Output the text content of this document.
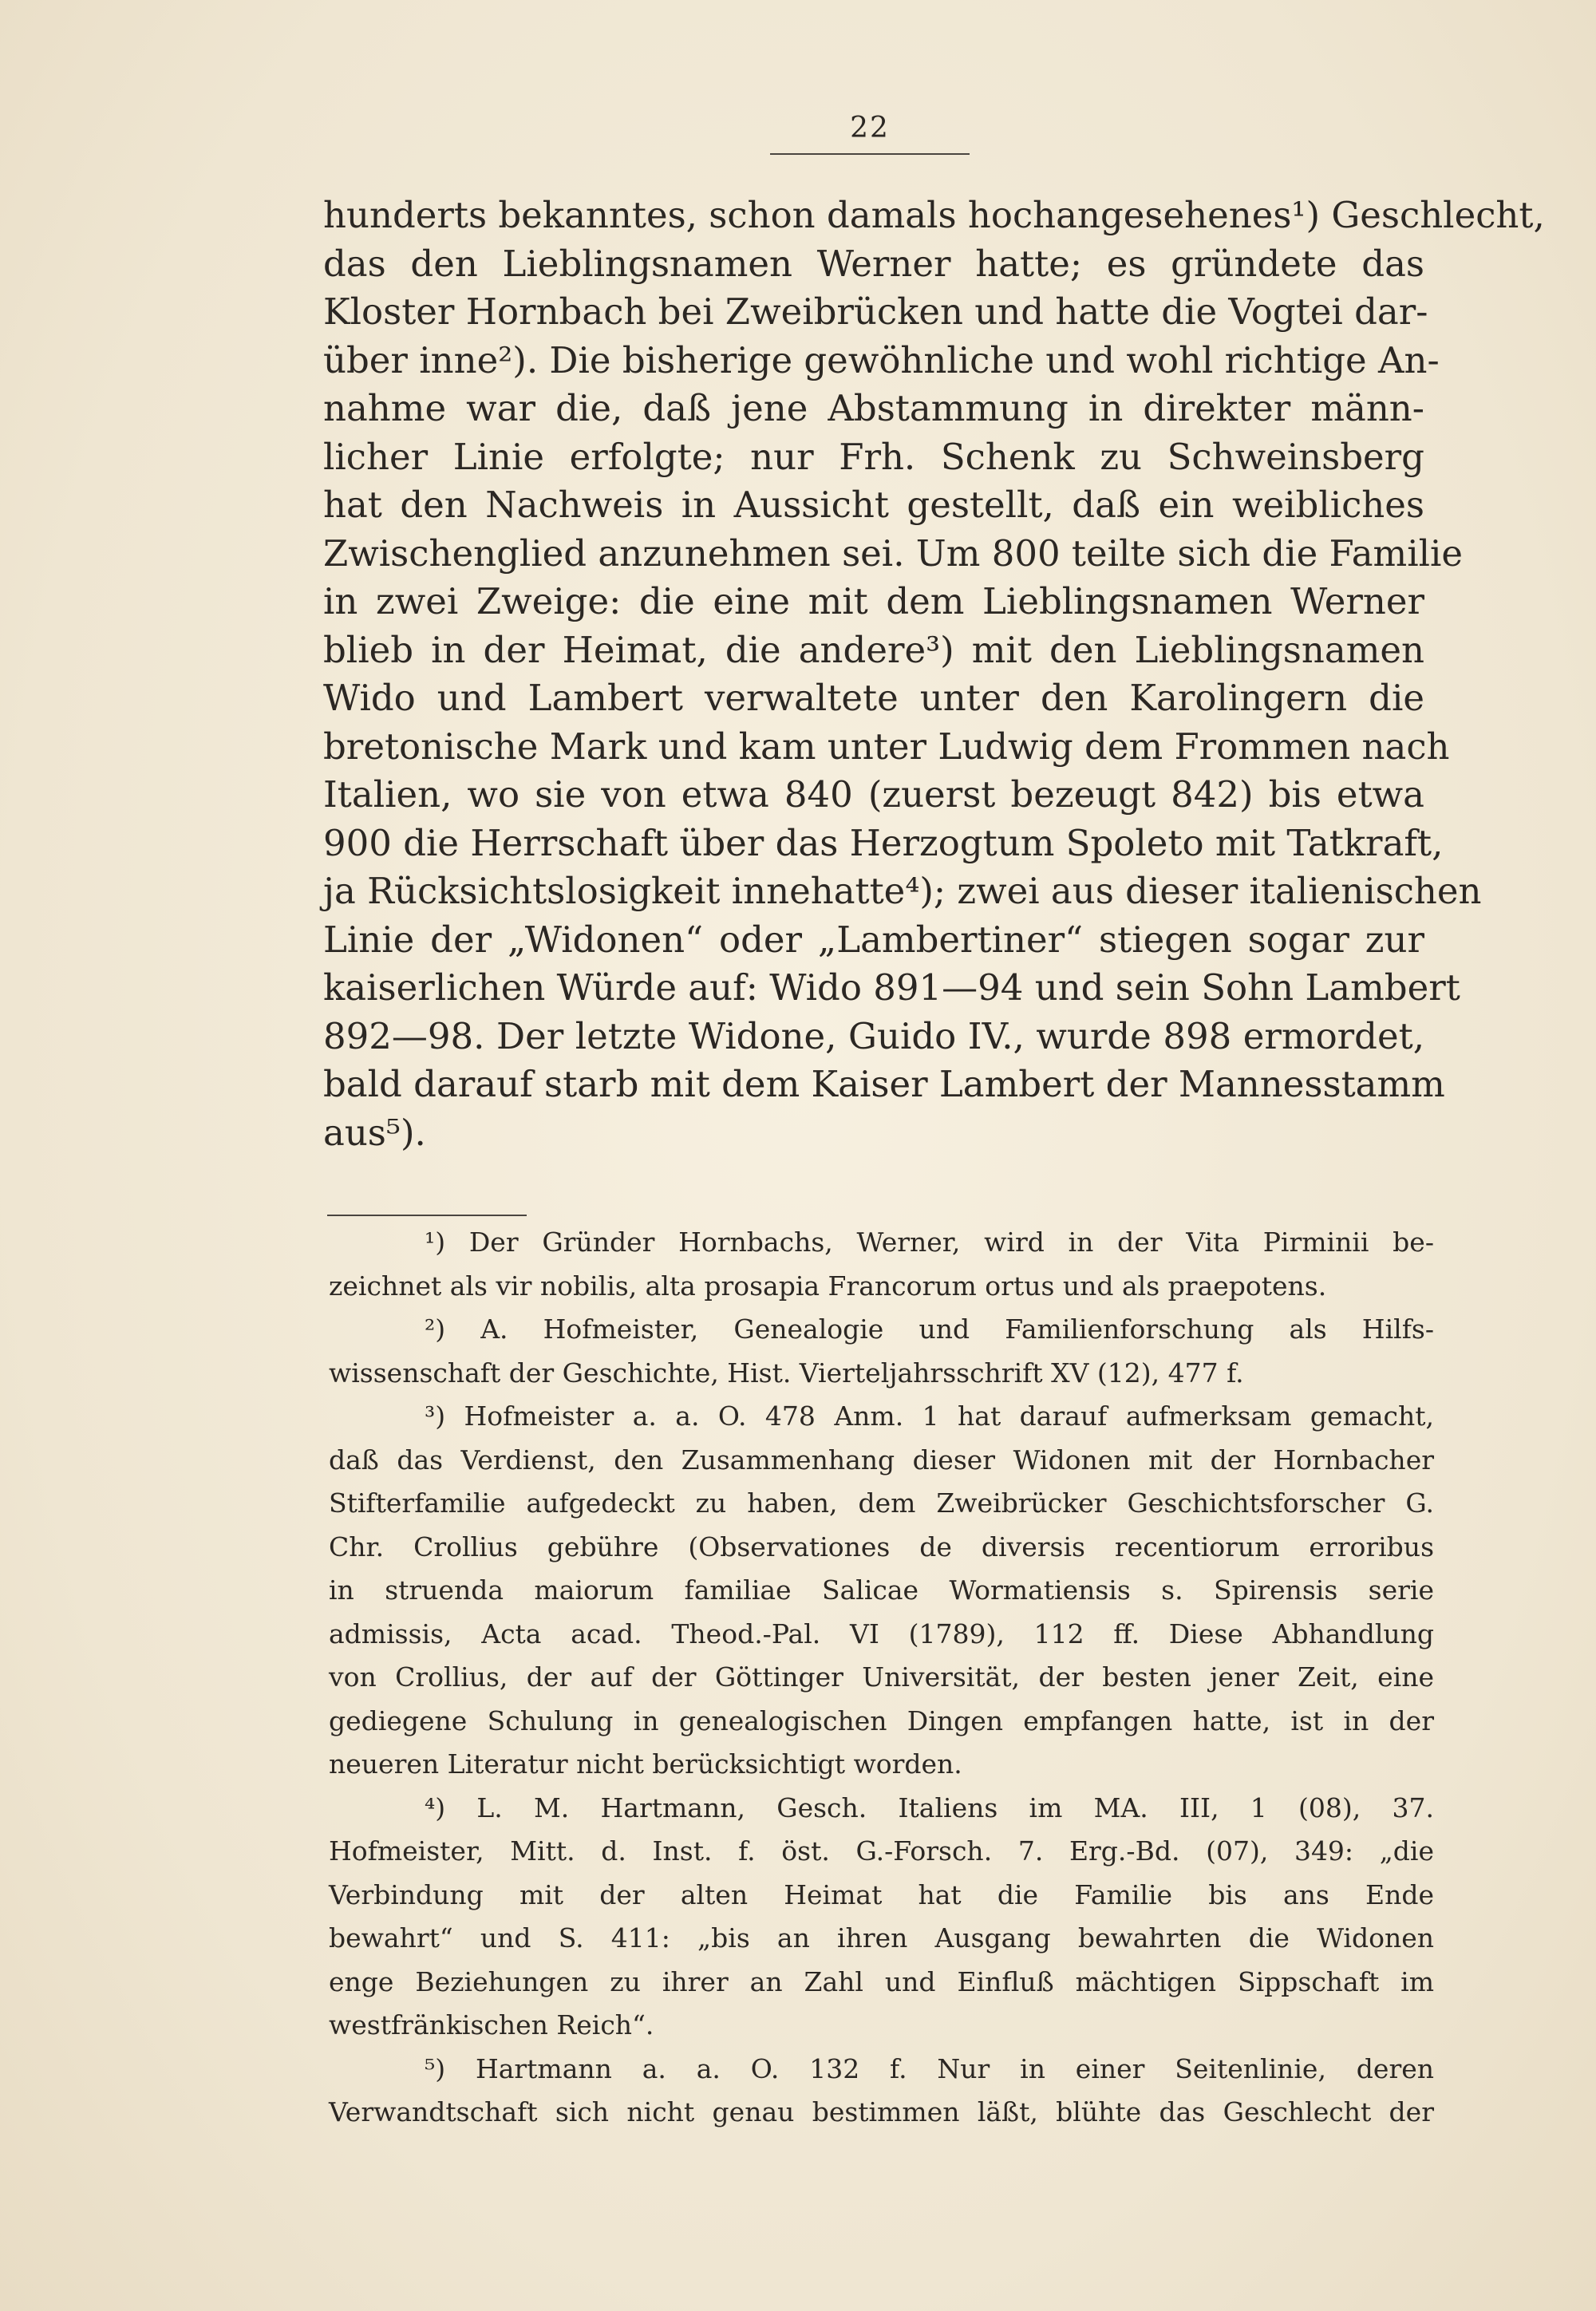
22
hunderts bekanntes, schon damals hochangesehenes¹) Geschlecht,
das den Lieblingsnamen Werner hatte; es gründete das
Kloster Hornbach bei Zweibrücken und hatte die Vogtei dar-
über inne²). Die bisherige gewöhnliche und wohl richtige An-
nahme war die, daß jene Abstammung in direkter männ-
licher Linie erfolgte; nur Frh. Schenk zu Schweinsberg
hat den Nachweis in Aussicht gestellt, daß ein weibliches
Zwischenglied anzunehmen sei. Um 800 teilte sich die Familie
in zwei Zweige: die eine mit dem Lieblingsnamen Werner
blieb in der Heimat, die andere³) mit den Lieblingsnamen
Wido und Lambert verwaltete unter den Karolingern die
bretonische Mark und kam unter Ludwig dem Frommen nach
Italien, wo sie von etwa 840 (zuerst bezeugt 842) bis etwa
900 die Herrschaft über das Herzogtum Spoleto mit Tatkraft,
ja Rücksichtslosigkeit innehatte⁴); zwei aus dieser italienischen
Linie der „Widonen“ oder „Lambertiner“ stiegen sogar zur
kaiserlichen Würde auf: Wido 891—94 und sein Sohn Lambert
892—98. Der letzte Widone, Guido IV., wurde 898 ermordet,
bald darauf starb mit dem Kaiser Lambert der Mannesstamm
aus⁵).
¹) Der Gründer Hornbachs, Werner, wird in der Vita Pirminii be-
zeichnet als vir nobilis, alta prosapia Francorum ortus und als praepotens.
²) A. Hofmeister, Genealogie und Familienforschung als Hilfs-
wissenschaft der Geschichte, Hist. Vierteljahrsschrift XV (12), 477 f.
³) Hofmeister a. a. O. 478 Anm. 1 hat darauf aufmerksam gemacht,
daß das Verdienst, den Zusammenhang dieser Widonen mit der Hornbacher
Stifterfamilie aufgedeckt zu haben, dem Zweibrücker Geschichtsforscher G.
Chr. Crollius gebühre (Observationes de diversis recentiorum erroribus
in struenda maiorum familiae Salicae Wormatiensis s. Spirensis serie
admissis, Acta acad. Theod.-Pal. VI (1789), 112 ff. Diese Abhandlung
von Crollius, der auf der Göttinger Universität, der besten jener Zeit, eine
gediegene Schulung in genealogischen Dingen empfangen hatte, ist in der
neueren Literatur nicht berücksichtigt worden.
⁴) L. M. Hartmann, Gesch. Italiens im MA. III, 1 (08), 37.
Hofmeister, Mitt. d. Inst. f. öst. G.-Forsch. 7. Erg.-Bd. (07), 349: „die
Verbindung mit der alten Heimat hat die Familie bis ans Ende
bewahrt“ und S. 411: „bis an ihren Ausgang bewahrten die Widonen
enge Beziehungen zu ihrer an Zahl und Einfluß mächtigen Sippschaft im
westfränkischen Reich“.
⁵) Hartmann a. a. O. 132 f. Nur in einer Seitenlinie, deren
Verwandtschaft sich nicht genau bestimmen läßt, blühte das Geschlecht der
